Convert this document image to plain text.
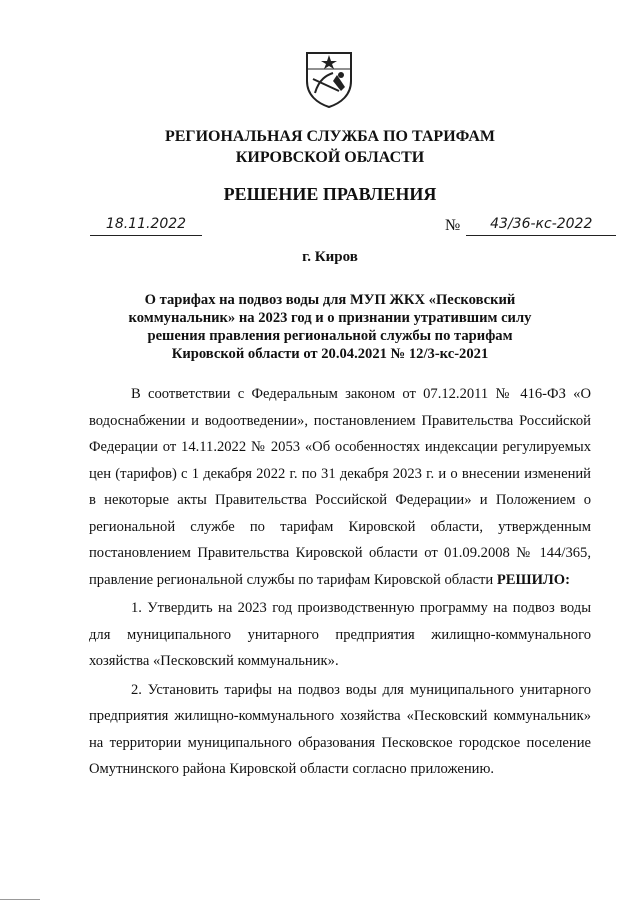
РЕГИОНАЛЬНАЯ СЛУЖБА ПО ТАРИФАМ
КИРОВСКОЙ ОБЛАСТИ
РЕШЕНИЕ ПРАВЛЕНИЯ
18.11.2022	№	43/36-кс-2022
г. Киров
О тарифах на подвоз воды для МУП ЖКХ «Песковский коммунальник» на 2023 год и о признании утратившим силу решения правления региональной службы по тарифам Кировской области от 20.04.2021 № 12/3-кс-2021

В соответствии с Федеральным законом от 07.12.2011 № 416-ФЗ «О водоснабжении и водоотведении», постановлением Правительства Российской Федерации от 14.11.2022 № 2053 «Об особенностях индексации регулируемых цен (тарифов) с 1 декабря 2022 г. по 31 декабря 2023 г. и о внесении изменений в некоторые акты Правительства Российской Федерации» и Положением о региональной службе по тарифам Кировской области, утвержденным постановлением Правительства Кировской области от 01.09.2008 № 144/365, правление региональной службы по тарифам Кировской области РЕШИЛО:

1. Утвердить на 2023 год производственную программу на подвоз воды для муниципального унитарного предприятия жилищно-коммунального хозяйства «Песковский коммунальник».

2. Установить тарифы на подвоз воды для муниципального унитарного предприятия жилищно-коммунального хозяйства «Песковский коммунальник» на территории муниципального образования Песковское городское поселение Омутнинского района Кировской области согласно приложению.
